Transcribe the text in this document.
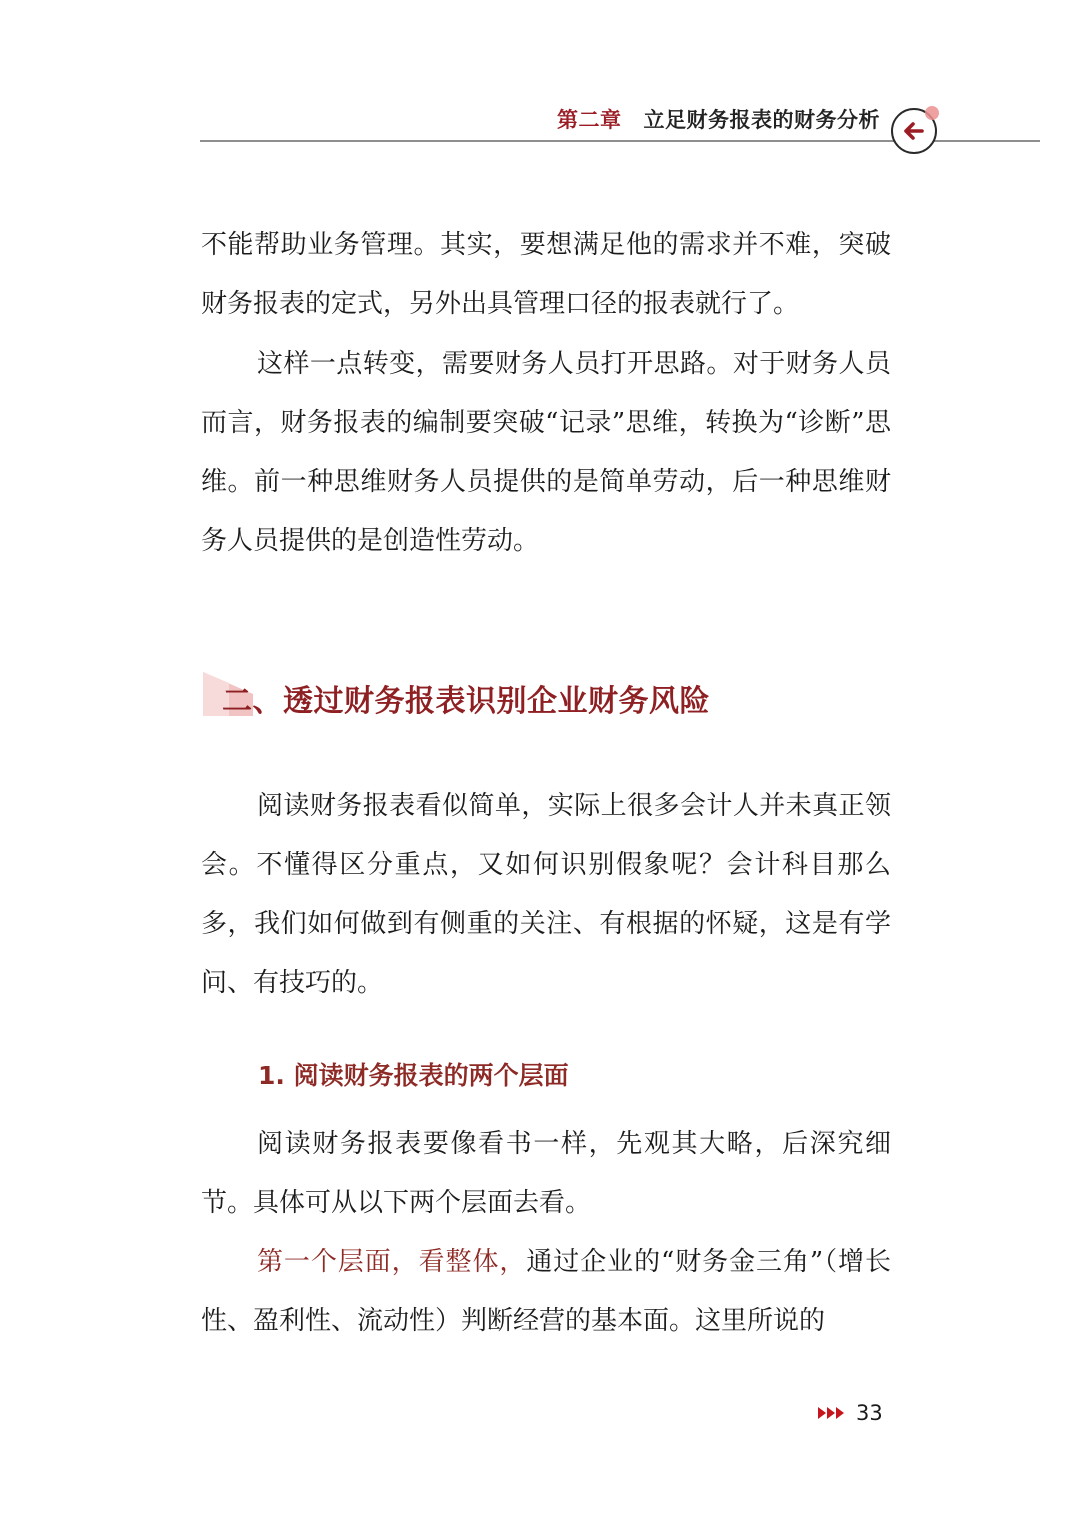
第二章 立足财务报表的财务分析

不能帮助业务管理。其实，要想满足他的需求并不难，突破财务报表的定式，另外出具管理口径的报表就行了。

这样一点转变，需要财务人员打开思路。对于财务人员而言，财务报表的编制要突破“记录”思维，转换为“诊断”思维。前一种思维财务人员提供的是简单劳动，后一种思维财务人员提供的是创造性劳动。

二、透过财务报表识别企业财务风险

阅读财务报表看似简单，实际上很多会计人并未真正领会。不懂得区分重点，又如何识别假象呢？会计科目那么多，我们如何做到有侧重的关注、有根据的怀疑，这是有学问、有技巧的。

1. 阅读财务报表的两个层面

阅读财务报表要像看书一样，先观其大略，后深究细节。具体可从以下两个层面去看。

第一个层面，看整体，通过企业的“财务金三角”（增长性、盈利性、流动性）判断经营的基本面。这里所说的

33
